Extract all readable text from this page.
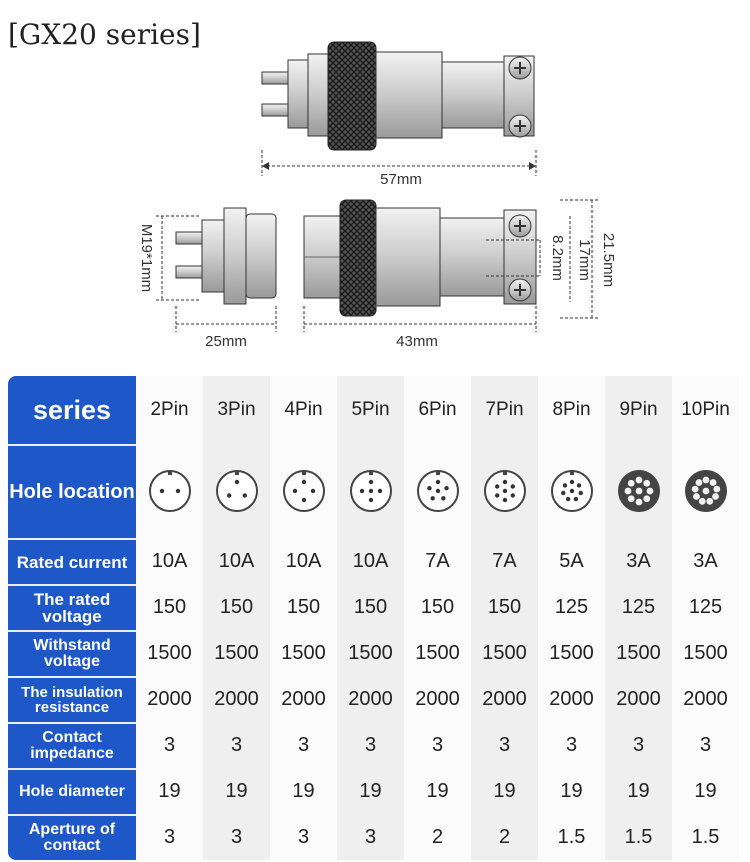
[GX20 series]
57mm
M19*1mm
25mm	43mm
8.2mm 17mm 21.5mm
series	2Pin	3Pin	4Pin	5Pin	6Pin	7Pin	8Pin	9Pin	10Pin
Hole location	

Rated current	10A	10A	10A	10A	7A	7A	5A	3A	3A
The rated voltage	150	150	150	150	150	150	125	125	125
Withstand voltage	1500	1500	1500	1500	1500	1500	1500	1500	1500
The insulation resistance	2000	2000	2000	2000	2000	2000	2000	2000	2000
Contact impedance	3	3	3	3	3	3	3	3	3
Hole diameter	19	19	19	19	19	19	19	19	19
Aperture of contact	3	3	3	3	2	2	1.5	1.5	1.5
